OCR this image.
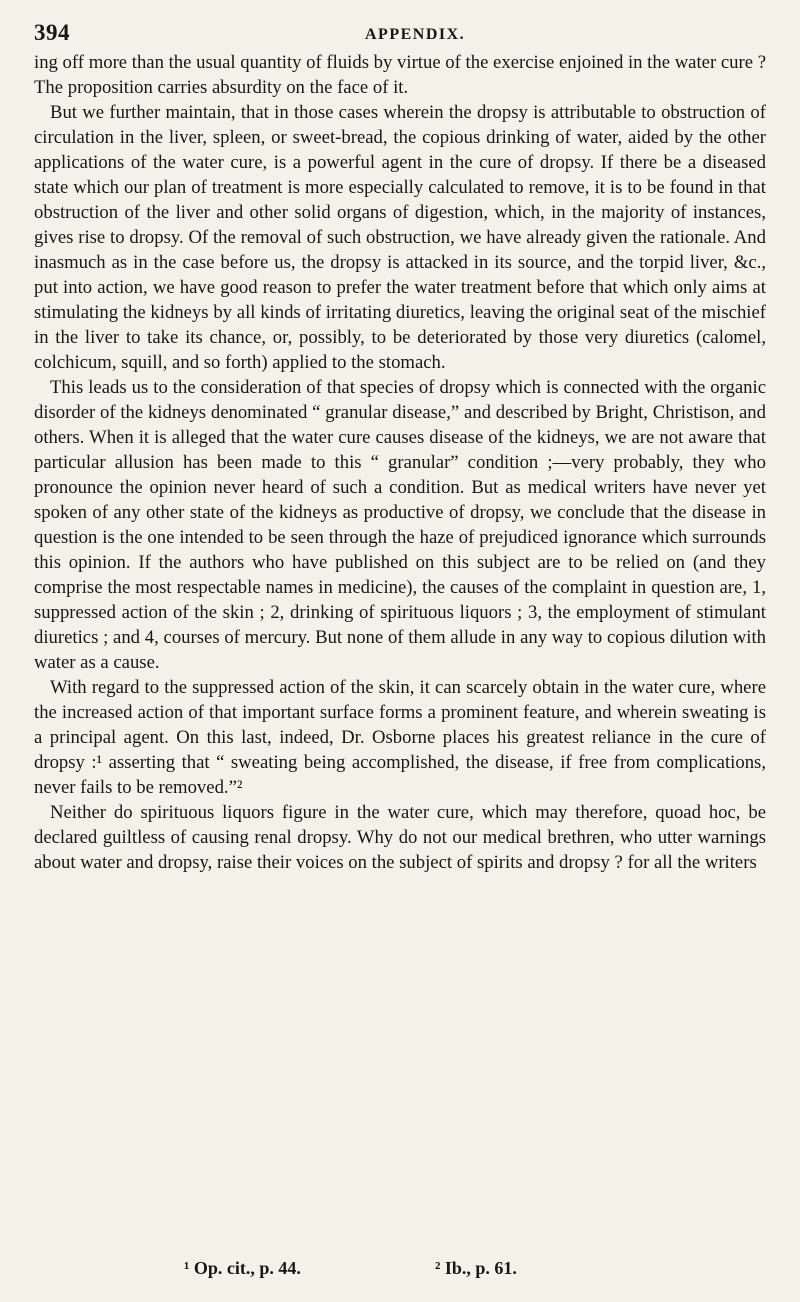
394	APPENDIX.

ing off more than the usual quantity of fluids by virtue of the exercise enjoined in the water cure ? The proposition carries absurdity on the face of it.

But we further maintain, that in those cases wherein the dropsy is attributable to obstruction of circulation in the liver, spleen, or sweet-bread, the copious drinking of water, aided by the other applications of the water cure, is a powerful agent in the cure of dropsy. If there be a diseased state which our plan of treatment is more especially calculated to remove, it is to be found in that obstruction of the liver and other solid organs of digestion, which, in the majority of instances, gives rise to dropsy. Of the removal of such obstruction, we have already given the rationale. And inasmuch as in the case before us, the dropsy is attacked in its source, and the torpid liver, &c., put into action, we have good reason to prefer the water treatment before that which only aims at stimulating the kidneys by all kinds of irritating diuretics, leaving the original seat of the mischief in the liver to take its chance, or, possibly, to be deteriorated by those very diuretics (calomel, colchicum, squill, and so forth) applied to the stomach.

This leads us to the consideration of that species of dropsy which is connected with the organic disorder of the kidneys denominated “ granular disease,” and described by Bright, Christison, and others. When it is alleged that the water cure causes disease of the kidneys, we are not aware that particular allusion has been made to this “ granular” condition ;—very probably, they who pronounce the opinion never heard of such a condition. But as medical writers have never yet spoken of any other state of the kidneys as productive of dropsy, we conclude that the disease in question is the one intended to be seen through the haze of prejudiced ignorance which surrounds this opinion. If the authors who have published on this subject are to be relied on (and they comprise the most respectable names in medicine), the causes of the complaint in question are, 1, suppressed action of the skin ; 2, drinking of spirituous liquors ; 3, the employment of stimulant diuretics ; and 4, courses of mercury. But none of them allude in any way to copious dilution with water as a cause.

With regard to the suppressed action of the skin, it can scarcely obtain in the water cure, where the increased action of that important surface forms a prominent feature, and wherein sweating is a principal agent. On this last, indeed, Dr. Osborne places his greatest reliance in the cure of dropsy :¹ asserting that “ sweating being accomplished, the disease, if free from complications, never fails to be removed.”²

Neither do spirituous liquors figure in the water cure, which may therefore, quoad hoc, be declared guiltless of causing renal dropsy. Why do not our medical brethren, who utter warnings about water and dropsy, raise their voices on the subject of spirits and dropsy ? for all the writers

¹ Op. cit., p. 44.	² Ib., p. 61.
